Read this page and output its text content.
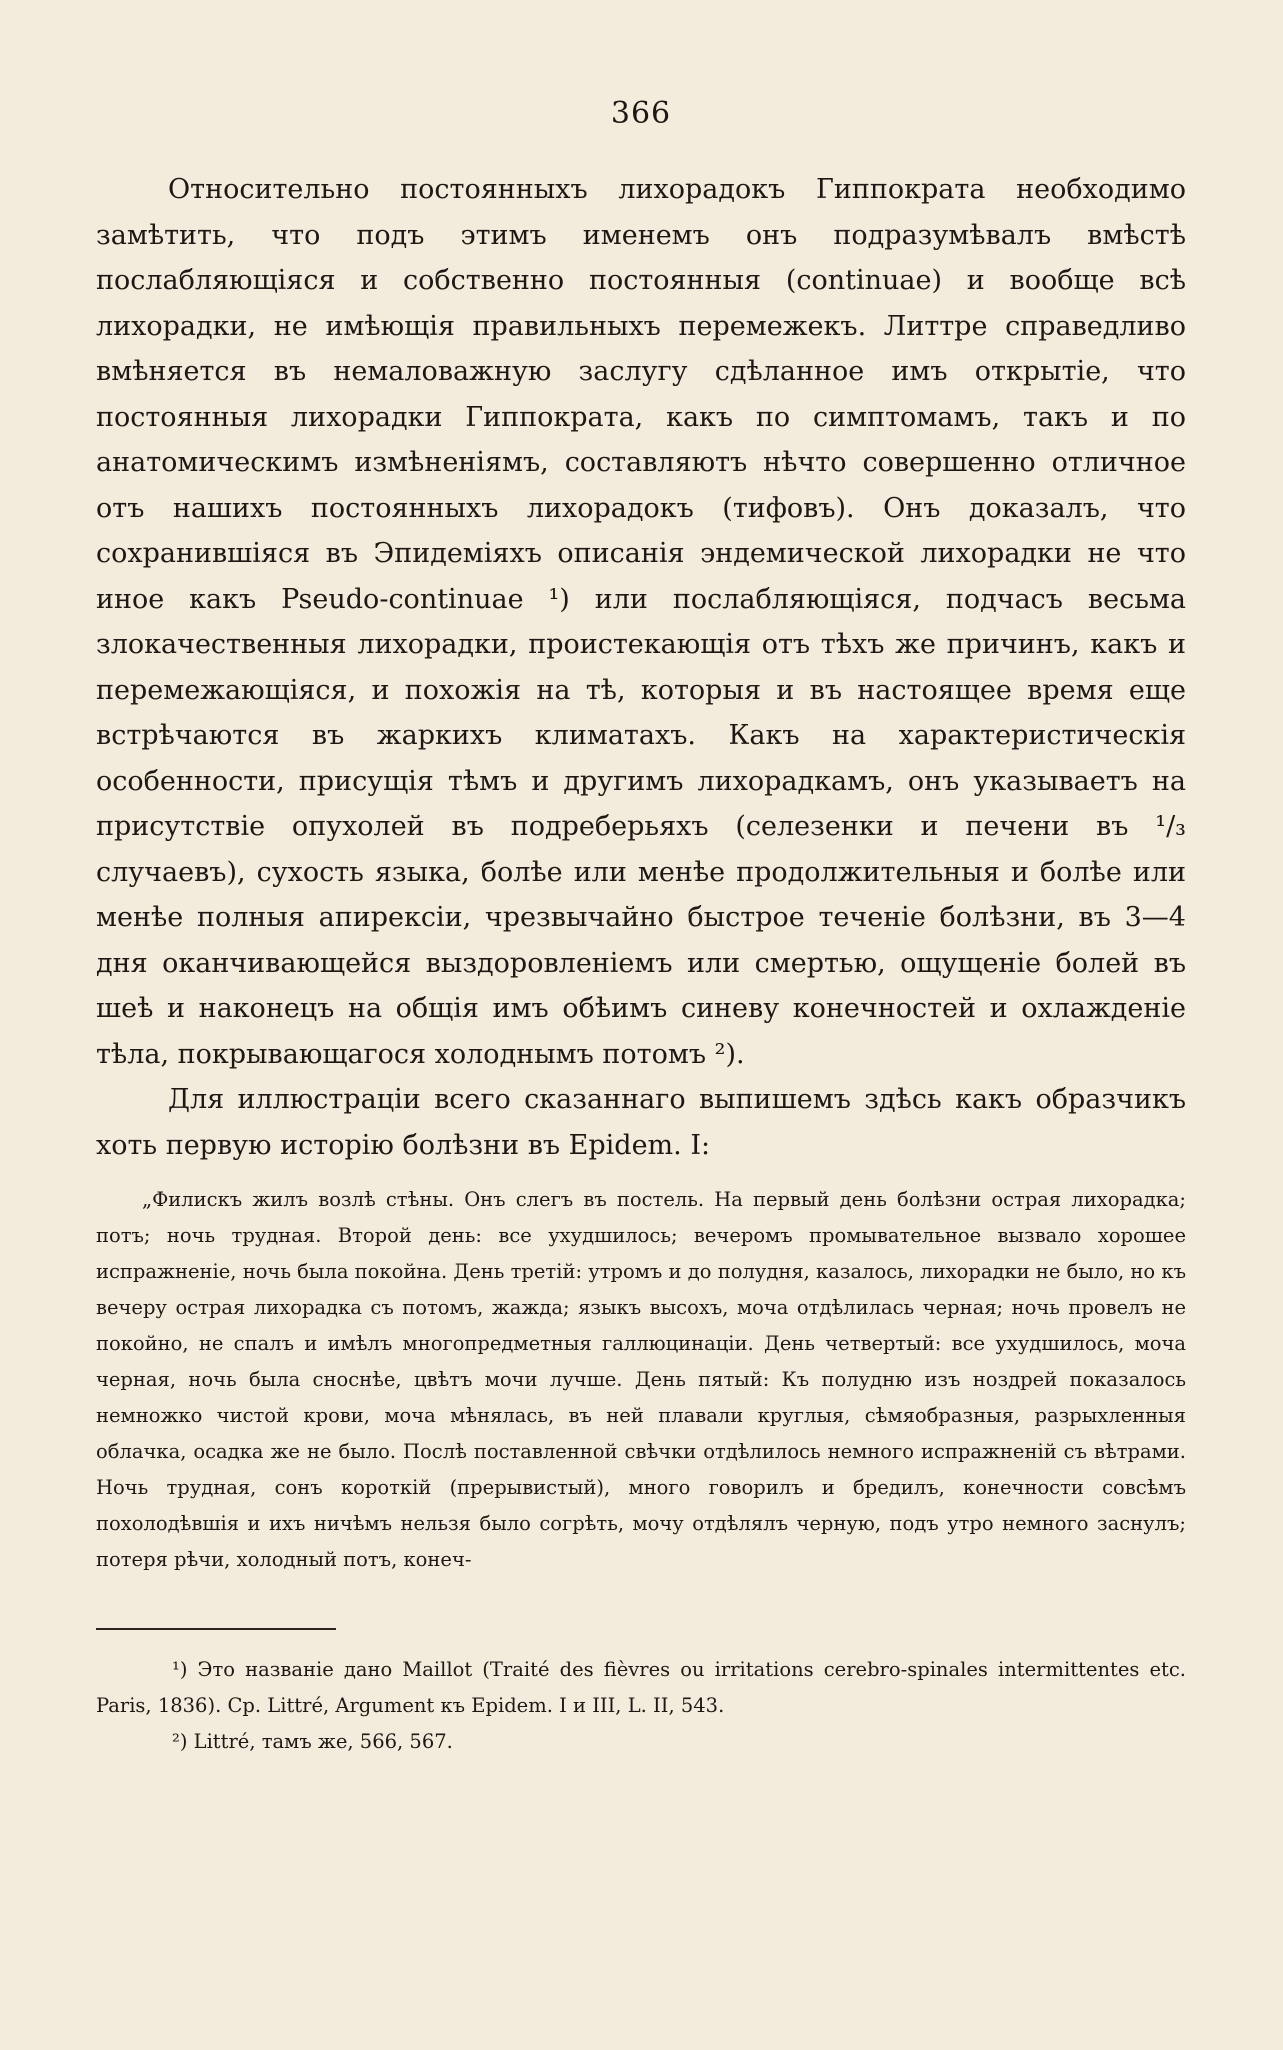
366

Относительно постоянныхъ лихорадокъ Гиппократа необходимо замѣтить, что подъ этимъ именемъ онъ подразумѣвалъ вмѣстѣ послабляющіяся и собственно постоянныя (continuae) и вообще всѣ лихорадки, не имѣющія правильныхъ перемежекъ. Литтре справедливо вмѣняется въ немаловажную заслугу сдѣланное имъ открытіе, что постоянныя лихорадки Гиппократа, какъ по симптомамъ, такъ и по анатомическимъ измѣненіямъ, составляютъ нѣчто совершенно отличное отъ нашихъ постоянныхъ лихорадокъ (тифовъ). Онъ доказалъ, что сохранившіяся въ Эпидеміяхъ описанія эндемической лихорадки не что иное какъ Pseudo-continuae ¹) или послабляющіяся, подчасъ весьма злокачественныя лихорадки, проистекающія отъ тѣхъ же причинъ, какъ и перемежающіяся, и похожія на тѣ, которыя и въ настоящее время еще встрѣчаются въ жаркихъ климатахъ. Какъ на характеристическія особенности, присущія тѣмъ и другимъ лихорадкамъ, онъ указываетъ на присутствіе опухолей въ подреберьяхъ (селезенки и печени въ ¹/₃ случаевъ), сухость языка, болѣе или менѣе продолжительныя и болѣе или менѣе полныя апирексіи, чрезвычайно быстрое теченіе болѣзни, въ 3—4 дня оканчивающейся выздоровленіемъ или смертью, ощущеніе болей въ шеѣ и наконецъ на общія имъ обѣимъ синеву конечностей и охлажденіе тѣла, покрывающагося холоднымъ потомъ ²).

Для иллюстраціи всего сказаннаго выпишемъ здѣсь какъ образчикъ хоть первую исторію болѣзни въ Epidem. I:

„Филискъ жилъ возлѣ стѣны. Онъ слегъ въ постель. На первый день болѣзни острая лихорадка; потъ; ночь трудная. Второй день: все ухудшилось; вечеромъ промывательное вызвало хорошее испражненіе, ночь была покойна. День третій: утромъ и до полудня, казалось, лихорадки не было, но къ вечеру острая лихорадка съ потомъ, жажда; языкъ высохъ, моча отдѣлилась черная; ночь провелъ не покойно, не спалъ и имѣлъ многопредметныя галлюцинаціи. День четвертый: все ухудшилось, моча черная, ночь была сноснѣе, цвѣтъ мочи лучше. День пятый: Къ полудню изъ ноздрей показалось немножко чистой крови, моча мѣнялась, въ ней плавали круглыя, сѣмяобразныя, разрыхленныя облачка, осадка же не было. Послѣ поставленной свѣчки отдѣлилось немного испражненій съ вѣтрами. Ночь трудная, сонъ короткій (прерывистый), много говорилъ и бредилъ, конечности совсѣмъ похолодѣвшія и ихъ ничѣмъ нельзя было согрѣть, мочу отдѣлялъ черную, подъ утро немного заснулъ; потеря рѣчи, холодный потъ, конеч-

¹) Это названіе дано Maillot (Traité des fièvres ou irritations cerebro-spinales intermittentes etc. Paris, 1836). Ср. Littré, Argument къ Epidem. I и III, L. II, 543.

²) Littré, тамъ же, 566, 567.
